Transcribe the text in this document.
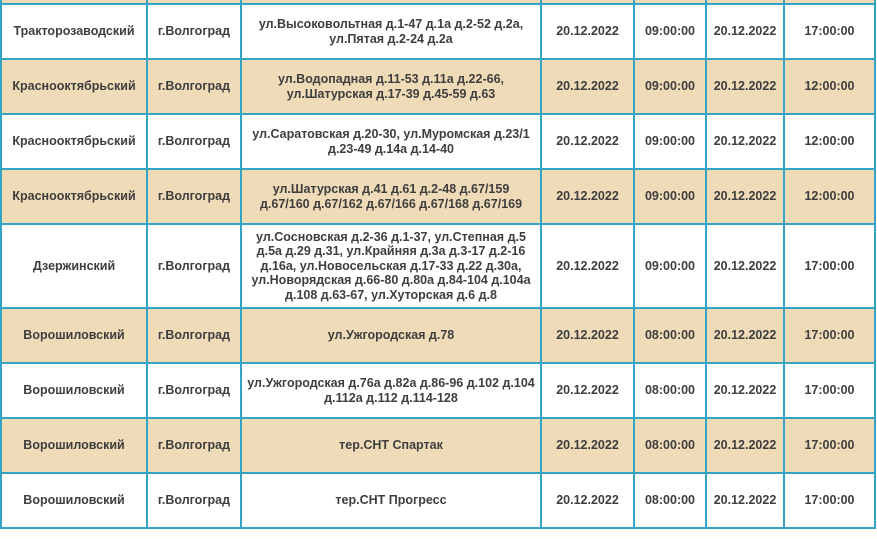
Тракторозаводский	г.Волгоград	ул.Высоковольтная д.1-47 д.1а д.2-52 д.2а, ул.Пятая д.2-24 д.2а	20.12.2022	09:00:00	20.12.2022	17:00:00
Краснооктябрьский	г.Волгоград	ул.Водопадная д.11-53 д.11а д.22-66, ул.Шатурская д.17-39 д.45-59 д.63	20.12.2022	09:00:00	20.12.2022	12:00:00
Краснооктябрьский	г.Волгоград	ул.Саратовская д.20-30, ул.Муромская д.23/1 д.23-49 д.14а д.14-40	20.12.2022	09:00:00	20.12.2022	12:00:00
Краснооктябрьский	г.Волгоград	ул.Шатурская д.41 д.61 д.2-48 д.67/159 д.67/160 д.67/162 д.67/166 д.67/168 д.67/169	20.12.2022	09:00:00	20.12.2022	12:00:00
Дзержинский	г.Волгоград	ул.Сосновская д.2-36 д.1-37, ул.Степная д.5 д.5а д.29 д.31, ул.Крайняя д.3а д.3-17 д.2-16 д.16а, ул.Новосельская д.17-33 д.22 д.30а, ул.Новорядская д.66-80 д.80а д.84-104 д.104а д.108 д.63-67, ул.Хуторская д.6 д.8	20.12.2022	09:00:00	20.12.2022	17:00:00
Ворошиловский	г.Волгоград	ул.Ужгородская д.78	20.12.2022	08:00:00	20.12.2022	17:00:00
Ворошиловский	г.Волгоград	ул.Ужгородская д.76а д.82а д.86-96 д.102 д.104 д.112а д.112 д.114-128	20.12.2022	08:00:00	20.12.2022	17:00:00
Ворошиловский	г.Волгоград	тер.СНТ Спартак	20.12.2022	08:00:00	20.12.2022	17:00:00
Ворошиловский	г.Волгоград	тер.СНТ Прогресс	20.12.2022	08:00:00	20.12.2022	17:00:00
